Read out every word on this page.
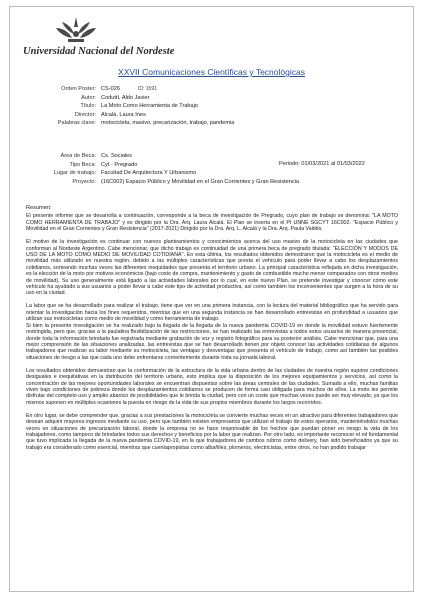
Universidad Nacional del Nordeste
XXVII Comunicaciones Científicas y Tecnológicas
Orden Poster: CS-026	ID: 1591
Autor: Coduttí, Aldo Javier
Título: La Moto Como Herramienta de Trabajo
Director: Alcalá, Laura Ines
Palabras clave: motocicleta, masivo, precarización, trabajo, pandemia
Área de Beca: Cs. Sociales
Tipo Beca: Cyt - Pregrado
Lugar de trabajo: Facultad De Arquitectura Y Urbanismo
Proyecto: (16C002) Espacio Público y Movilidad en el Gran Corrientes y Gran Resistencia
Periodo: 01/03/2021 al 01/03/2022
Resumen:

El presente informe que se desarrolla a continuación, corresponde a la beca de investigación de Pregrado, cuyo plan de trabajo se denomina: "LA MOTO COMO HERRAMIENTA DE TRABAJO" y es dirigido por la Dra. Arq. Laura Alcalá. El Plan se inserta en el PI UNNE SGCYT 16C002. "Espacio Público y Movilidad en el Gran Corrientes y Gran Resistencia" (2017-2021) Dirigido por la Dra. Arq. L. Alcalá y la Dra. Arq. Paula Valdés.

El motivo de la investigación es continuar con nuevos planteamientos y conocimientos acerca del uso masivo de la motocicleta en las ciudades que conforman al Nordeste Argentino. Cabe mencionar, que dicho trabajo es continuidad de una primera beca de pregrado titulada: "ELECCIÓN Y MODOS DE USO DE LA MOTO COMO MEDIO DE MOVILIDAD COTIDIANA". En esta última, los resultados obtenidos demostraron que la motocicleta es el medio de movilidad más utilizado en nuestra región, debido a las múltiples características que presta el vehículo para poder llevar a cabo los desplazamientos cotidianos, sorteando muchas veces las diferentes inequidades que presenta el territorio urbano. La principal característica reflejada en dicha investigación, es la elección de la moto por motivos económicos (bajo costo de compra, mantenimiento y gasto de combustible mucho menor comparados con otros medios de movilidad). Su uso generalmente está ligado a las actividades laborales por lo cual, en este nuevo Plan, se pretende investigar y conocer cómo este vehículo ha ayudado a sus usuarios a poder llevar a cabo este tipo de actividad productiva, así como también los inconvenientes que surgen a la hora de su uso en la ciudad.

La labor que se ha desarrollado para realizar el trabajo, tiene que ver en una primera instancia, con la lectura del material bibliográfico que ha servido para orientar la investigación hacia los fines requeridos, mientras que en una segunda instancia se han desarrollado entrevistas en profundidad a usuarios que utilizan sus motocicletas como medio de movilidad y como herramienta de trabajo.
Si bien la presente investigación se ha realizado bajo la llegada de la llegada de la nueva pandemia COVID-19 en donde la movilidad estuvo fuertemente restringida, pero que, gracias a la paulatina flexibilización de las restricciones, se han realizado las entrevistas a todos estos usuarios de manera presencial, donde toda la información brindada fue registrada mediante grabación de voz y registro fotográfico para su posterior análisis. Cabe mencionar que, para una mejor comprensión de las situaciones analizadas, las entrevistas que se han desarrollado tienen por objeto conocer las actividades cotidianas de algunos trabajadores que realizan su labor mediante su motocicleta, las ventajas y desventajas que presenta el vehículo de trabajo, como así también las posibles situaciones de riesgo a las que cada uno debe enfrentarse corrientemente durante toda su jornada laboral.

Los resultados obtenidos demuestran que la conformación de la estructura de la vida urbana dentro de las ciudades de nuestra región supone condiciones desiguales e inequitativas en la distribución del territorio urbano, esto implica que la disposición de los mejores equipamientos y servicios, así como la concentración de las mejores oportunidades laborales se encuentran dispuestas sobre las áreas centrales de las ciudades. Sumado a ello, muchas familias viven bajo condiciones de pobreza donde los desplazamientos cotidianos se producen de forma casi obligada para muchos de ellos. La moto les permite disfrutar del completo uso y amplio abanico de posibilidades que le brinda la ciudad, pero con un coste que muchas veces puede ser muy elevado, ya que los mismos suponen en múltiples ocasiones la puesta en riesgo de la vida de sus propios miembros durante los largos recorridos.

En otro lugar, se debe comprender que, gracias a sus prestaciones la motocicleta se convierte muchas veces en un atractivo para diferentes trabajadores que desean adquirir mayores ingresos mediante su uso, pero que también existen empresarios que utilizan el trabajo de estos operarios, manteniéndolos muchas veces en situaciones de precarización laboral, donde la empresa no se hace responsable de los hechos que puedan poner en riesgo la vida de los trabajadores, como tampoco de brindarles todos sus derechos y beneficios por la labor que realizan. Por otro lado, es importante reconocer el rol fundamental que tuvo implicada la llegada de la nueva pandemia COVID-19, en la que trabajadores de cambos rubros como delivery, han sido beneficiados ya que su trabajo era considerado como esencial, mientras que cuentapropistas como albañiles, plomeros, electricistas, entre otros, no han podido trabajar
